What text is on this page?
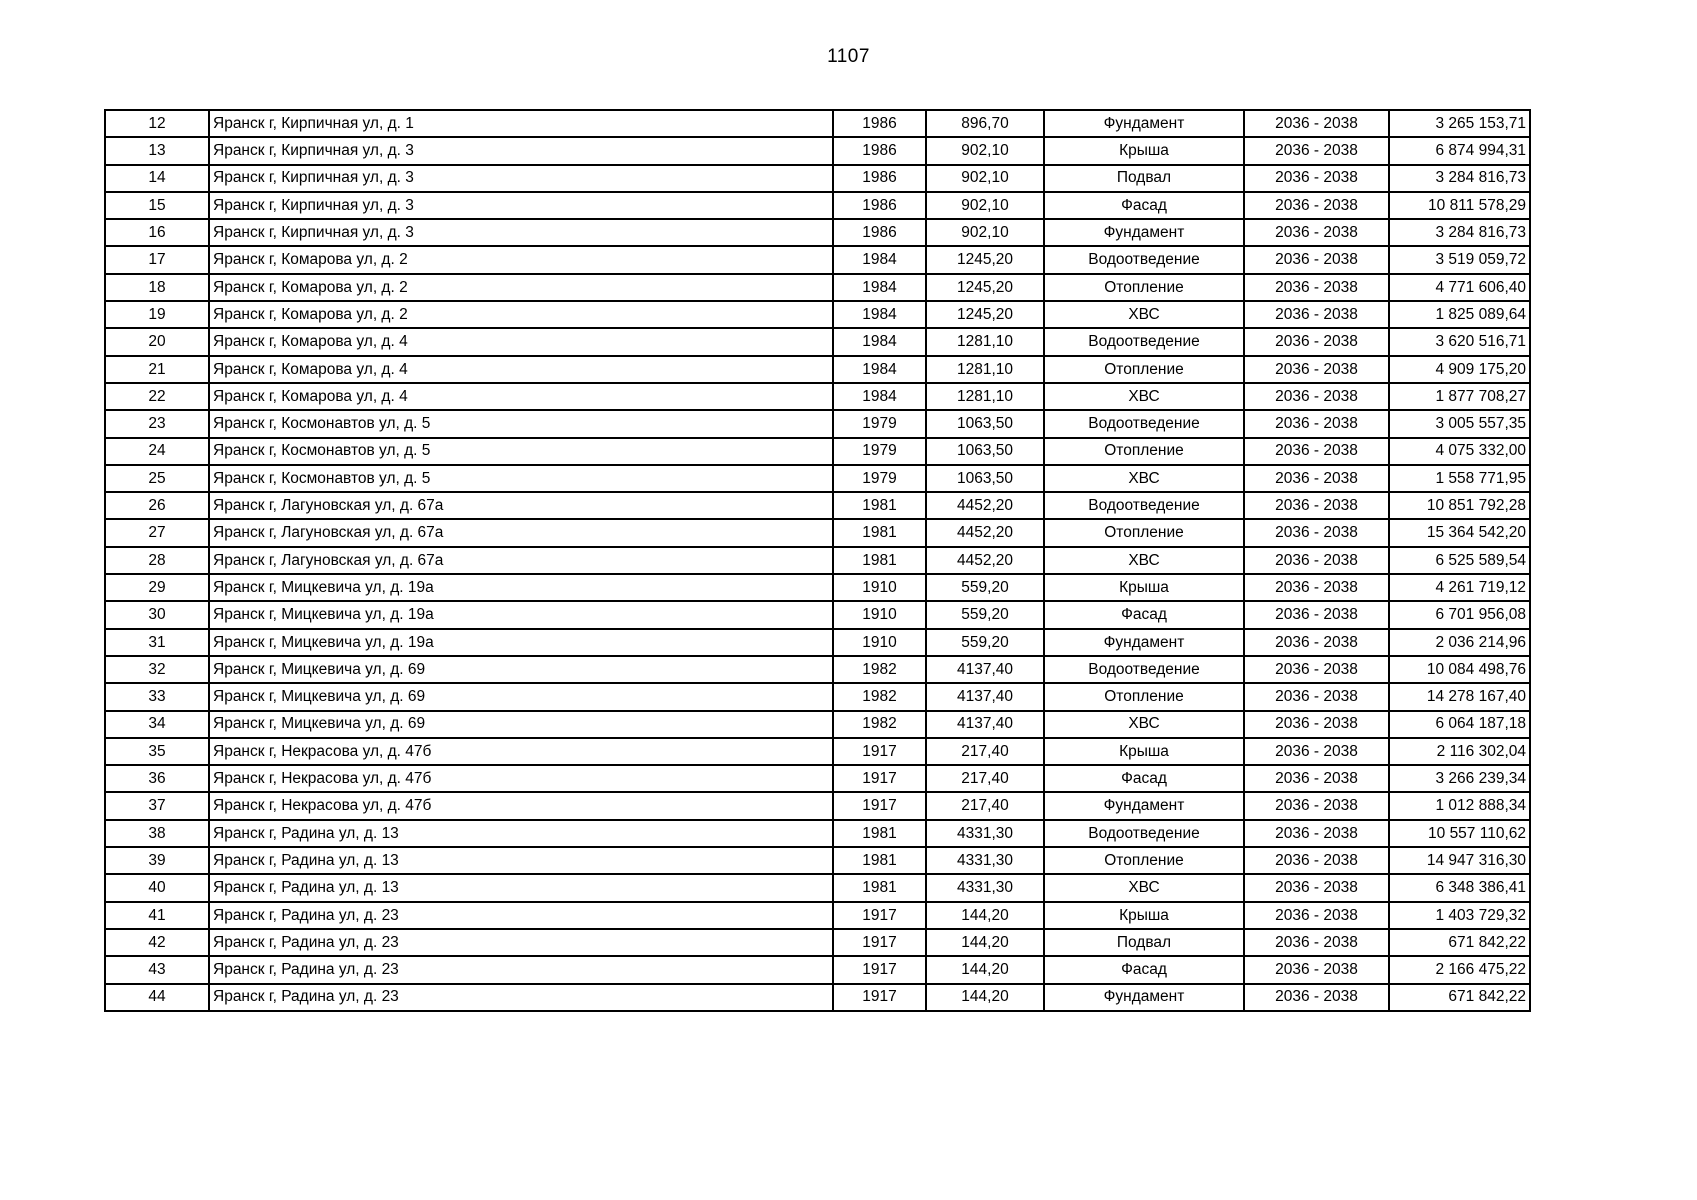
1107
12	Яранск г, Кирпичная ул, д. 1	1986	896,70	Фундамент	2036 - 2038	3 265 153,71
13	Яранск г, Кирпичная ул, д. 3	1986	902,10	Крыша	2036 - 2038	6 874 994,31
14	Яранск г, Кирпичная ул, д. 3	1986	902,10	Подвал	2036 - 2038	3 284 816,73
15	Яранск г, Кирпичная ул, д. 3	1986	902,10	Фасад	2036 - 2038	10 811 578,29
16	Яранск г, Кирпичная ул, д. 3	1986	902,10	Фундамент	2036 - 2038	3 284 816,73
17	Яранск г, Комарова ул, д. 2	1984	1245,20	Водоотведение	2036 - 2038	3 519 059,72
18	Яранск г, Комарова ул, д. 2	1984	1245,20	Отопление	2036 - 2038	4 771 606,40
19	Яранск г, Комарова ул, д. 2	1984	1245,20	ХВС	2036 - 2038	1 825 089,64
20	Яранск г, Комарова ул, д. 4	1984	1281,10	Водоотведение	2036 - 2038	3 620 516,71
21	Яранск г, Комарова ул, д. 4	1984	1281,10	Отопление	2036 - 2038	4 909 175,20
22	Яранск г, Комарова ул, д. 4	1984	1281,10	ХВС	2036 - 2038	1 877 708,27
23	Яранск г, Космонавтов ул, д. 5	1979	1063,50	Водоотведение	2036 - 2038	3 005 557,35
24	Яранск г, Космонавтов ул, д. 5	1979	1063,50	Отопление	2036 - 2038	4 075 332,00
25	Яранск г, Космонавтов ул, д. 5	1979	1063,50	ХВС	2036 - 2038	1 558 771,95
26	Яранск г, Лагуновская ул, д. 67а	1981	4452,20	Водоотведение	2036 - 2038	10 851 792,28
27	Яранск г, Лагуновская ул, д. 67а	1981	4452,20	Отопление	2036 - 2038	15 364 542,20
28	Яранск г, Лагуновская ул, д. 67а	1981	4452,20	ХВС	2036 - 2038	6 525 589,54
29	Яранск г, Мицкевича ул, д. 19а	1910	559,20	Крыша	2036 - 2038	4 261 719,12
30	Яранск г, Мицкевича ул, д. 19а	1910	559,20	Фасад	2036 - 2038	6 701 956,08
31	Яранск г, Мицкевича ул, д. 19а	1910	559,20	Фундамент	2036 - 2038	2 036 214,96
32	Яранск г, Мицкевича ул, д. 69	1982	4137,40	Водоотведение	2036 - 2038	10 084 498,76
33	Яранск г, Мицкевича ул, д. 69	1982	4137,40	Отопление	2036 - 2038	14 278 167,40
34	Яранск г, Мицкевича ул, д. 69	1982	4137,40	ХВС	2036 - 2038	6 064 187,18
35	Яранск г, Некрасова ул, д. 47б	1917	217,40	Крыша	2036 - 2038	2 116 302,04
36	Яранск г, Некрасова ул, д. 47б	1917	217,40	Фасад	2036 - 2038	3 266 239,34
37	Яранск г, Некрасова ул, д. 47б	1917	217,40	Фундамент	2036 - 2038	1 012 888,34
38	Яранск г, Радина ул, д. 13	1981	4331,30	Водоотведение	2036 - 2038	10 557 110,62
39	Яранск г, Радина ул, д. 13	1981	4331,30	Отопление	2036 - 2038	14 947 316,30
40	Яранск г, Радина ул, д. 13	1981	4331,30	ХВС	2036 - 2038	6 348 386,41
41	Яранск г, Радина ул, д. 23	1917	144,20	Крыша	2036 - 2038	1 403 729,32
42	Яранск г, Радина ул, д. 23	1917	144,20	Подвал	2036 - 2038	671 842,22
43	Яранск г, Радина ул, д. 23	1917	144,20	Фасад	2036 - 2038	2 166 475,22
44	Яранск г, Радина ул, д. 23	1917	144,20	Фундамент	2036 - 2038	671 842,22
